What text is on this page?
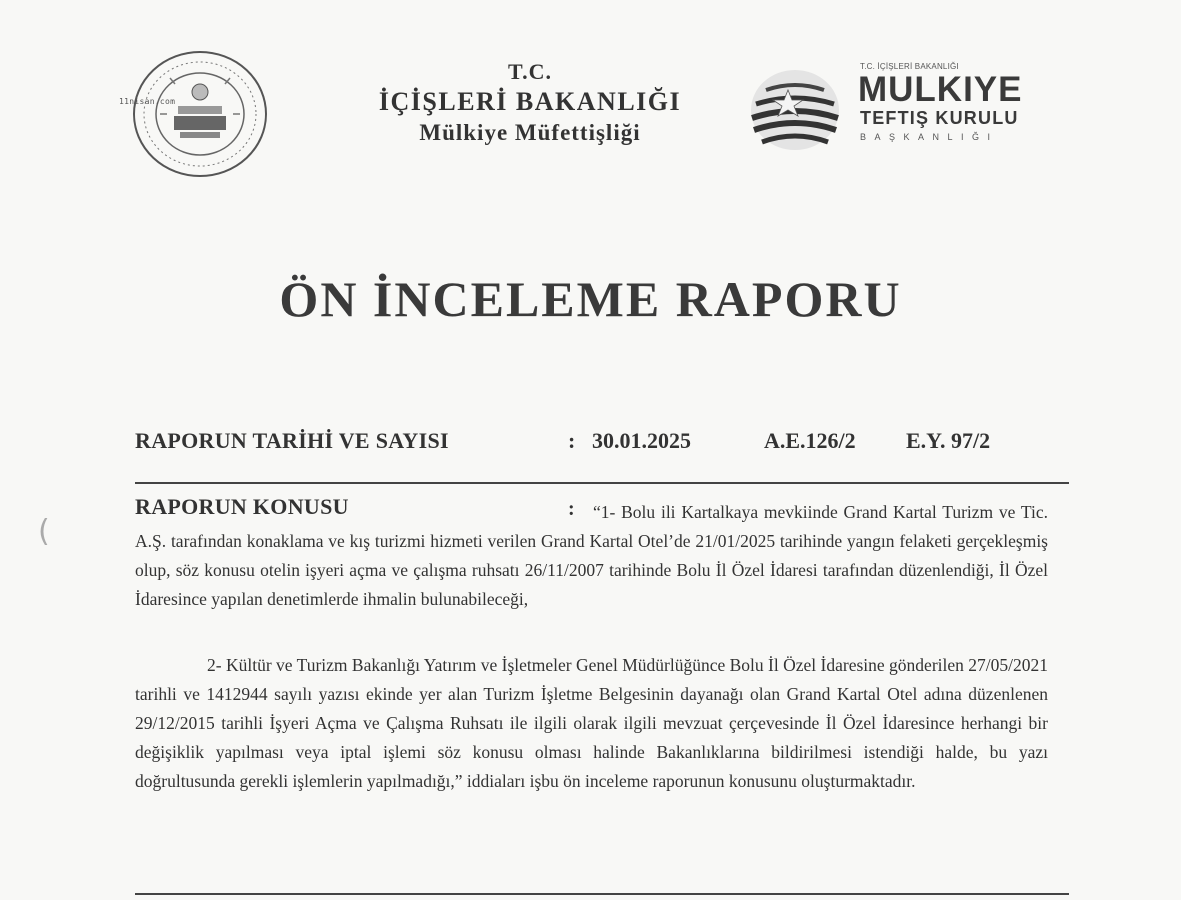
11nisan.com
T.C.
İÇİŞLERİ BAKANLIĞI
Mülkiye Müfettişliği
T.C. İÇİŞLERİ BAKANLIĞI
MULKIYE
TEFTIŞ KURULU
BAŞKANLIĞI
ÖN İNCELEME RAPORU
RAPORUN TARİHİ VE SAYISI	: 30.01.2025	A.E.126/2 E.Y. 97/2
RAPORUN KONUSU	:	“1- Bolu ili Kartalkaya mevkiinde Grand Kartal Turizm ve Tic. A.Ş. tarafından konaklama ve kış turizmi hizmeti verilen Grand Kartal Otel’de 21/01/2025 tarihinde yangın felaketi gerçekleşmiş olup, söz konusu otelin işyeri açma ve çalışma ruhsatı 26/11/2007 tarihinde Bolu İl Özel İdaresi tarafından düzenlendiği, İl Özel İdaresince yapılan denetimlerde ihmalin bulunabileceği,
2- Kültür ve Turizm Bakanlığı Yatırım ve İşletmeler Genel Müdürlüğünce Bolu İl Özel İdaresine gönderilen 27/05/2021 tarihli ve 1412944 sayılı yazısı ekinde yer alan Turizm İşletme Belgesinin dayanağı olan Grand Kartal Otel adına düzenlenen 29/12/2015 tarihli İşyeri Açma ve Çalışma Ruhsatı ile ilgili olarak ilgili mevzuat çerçevesinde İl Özel İdaresince herhangi bir değişiklik yapılması veya iptal işlemi söz konusu olması halinde Bakanlıklarına bildirilmesi istendiği halde, bu yazı doğrultusunda gerekli işlemlerin yapılmadığı,” iddiaları işbu ön inceleme raporunun konusunu oluşturmaktadır.
(
